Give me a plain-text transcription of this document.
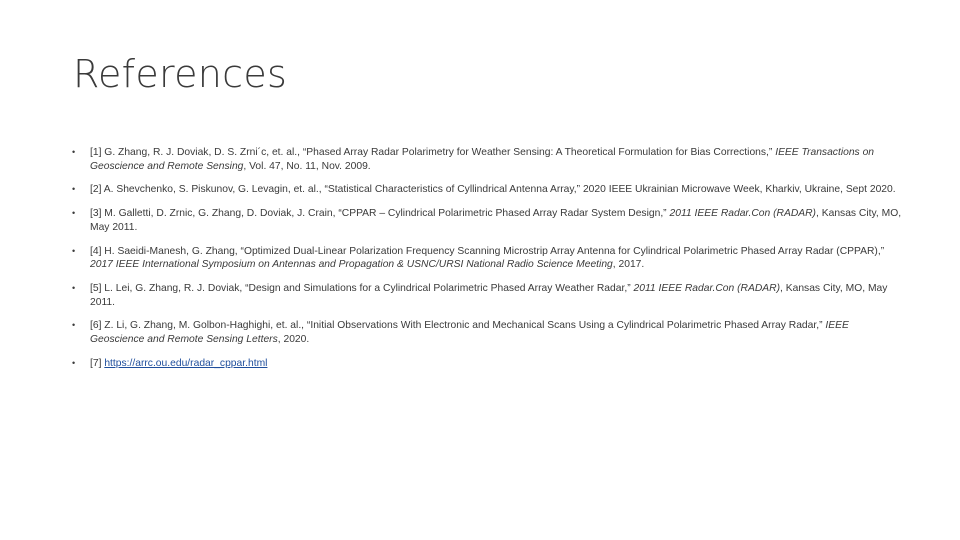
References
• [1] G. Zhang, R. J. Doviak, D. S. Zrni´c, et. al., “Phased Array Radar Polarimetry for Weather Sensing: A Theoretical Formulation for Bias Corrections,” IEEE Transactions on Geoscience and Remote Sensing, Vol. 47, No. 11, Nov. 2009.
• [2] A. Shevchenko, S. Piskunov, G. Levagin, et. al., “Statistical Characteristics of Cyllindrical Antenna Array,” 2020 IEEE Ukrainian Microwave Week, Kharkiv, Ukraine, Sept 2020.
• [3] M. Galletti, D. Zrnic, G. Zhang, D. Doviak, J. Crain, “CPPAR – Cylindrical Polarimetric Phased Array Radar System Design,” 2011 IEEE Radar.Con (RADAR), Kansas City, MO, May 2011.
• [4] H. Saeidi-Manesh, G. Zhang, “Optimized Dual-Linear Polarization Frequency Scanning Microstrip Array Antenna for Cylindrical Polarimetric Phased Array Radar (CPPAR),” 2017 IEEE International Symposium on Antennas and Propagation & USNC/URSI National Radio Science Meeting, 2017.
• [5] L. Lei, G. Zhang, R. J. Doviak, “Design and Simulations for a Cylindrical Polarimetric Phased Array Weather Radar,” 2011 IEEE Radar.Con (RADAR), Kansas City, MO, May 2011.
• [6] Z. Li, G. Zhang, M. Golbon-Haghighi, et. al., “Initial Observations With Electronic and Mechanical Scans Using a Cylindrical Polarimetric Phased Array Radar,” IEEE Geoscience and Remote Sensing Letters, 2020.
• [7] https://arrc.ou.edu/radar_cppar.html
